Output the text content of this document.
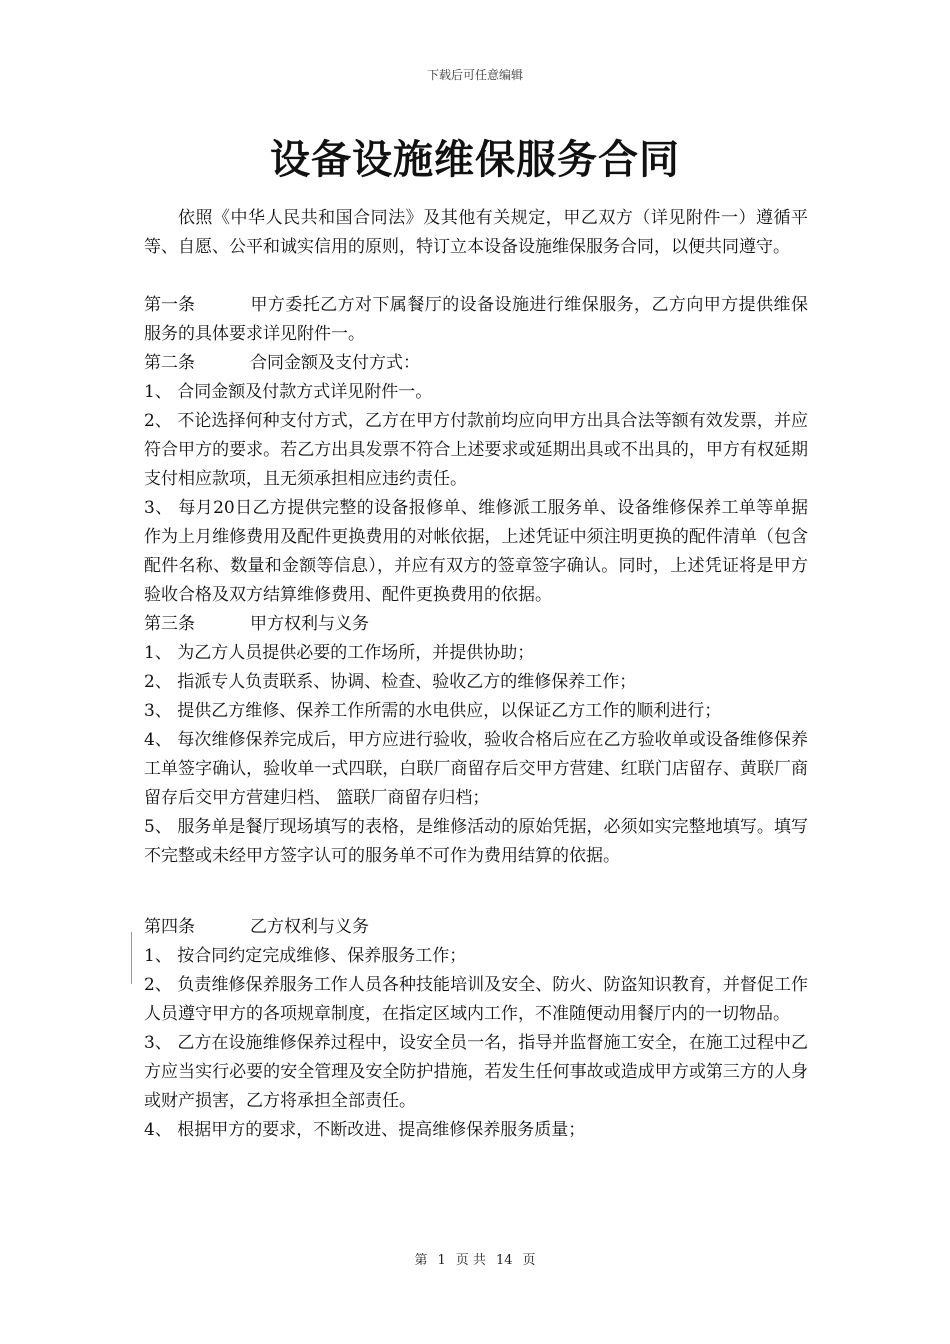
下载后可任意编辑
设备设施维保服务合同

依照《中华人民共和国合同法》及其他有关规定，甲乙双方（详见附件一）遵循平等、自愿、公平和诚实信用的原则，特订立本设备设施维保服务合同，以便共同遵守。

第一条	甲方委托乙方对下属餐厅的设备设施进行维保服务，乙方向甲方提供维保服务的具体要求详见附件一。

第二条	合同金额及支付方式：

1、 合同金额及付款方式详见附件一。

2、 不论选择何种支付方式，乙方在甲方付款前均应向甲方出具合法等额有效发票，并应符合甲方的要求。若乙方出具发票不符合上述要求或延期出具或不出具的，甲方有权延期支付相应款项，且无须承担相应违约责任。

3、 每月20日乙方提供完整的设备报修单、维修派工服务单、设备维修保养工单等单据作为上月维修费用及配件更换费用的对帐依据，上述凭证中须注明更换的配件清单（包含配件名称、数量和金额等信息），并应有双方的签章签字确认。同时，上述凭证将是甲方验收合格及双方结算维修费用、配件更换费用的依据。

第三条	甲方权利与义务

1、 为乙方人员提供必要的工作场所，并提供协助；

2、 指派专人负责联系、协调、检查、验收乙方的维修保养工作；

3、 提供乙方维修、保养工作所需的水电供应，以保证乙方工作的顺利进行；

4、 每次维修保养完成后，甲方应进行验收，验收合格后应在乙方验收单或设备维修保养工单签字确认，验收单一式四联，白联厂商留存后交甲方营建、红联门店留存、黄联厂商留存后交甲方营建归档、 篮联厂商留存归档；

5、 服务单是餐厅现场填写的表格，是维修活动的原始凭据，必须如实完整地填写。填写不完整或未经甲方签字认可的服务单不可作为费用结算的依据。

第四条	乙方权利与义务

1、 按合同约定完成维修、保养服务工作；

2、 负责维修保养服务工作人员各种技能培训及安全、防火、防盗知识教育，并督促工作人员遵守甲方的各项规章制度，在指定区域内工作，不准随便动用餐厅内的一切物品。

3、 乙方在设施维修保养过程中，设安全员一名，指导并监督施工安全，在施工过程中乙方应当实行必要的安全管理及安全防护措施，若发生任何事故或造成甲方或第三方的人身或财产损害，乙方将承担全部责任。

4、 根据甲方的要求，不断改进、提高维修保养服务质量；

第 1 页 共 14 页
